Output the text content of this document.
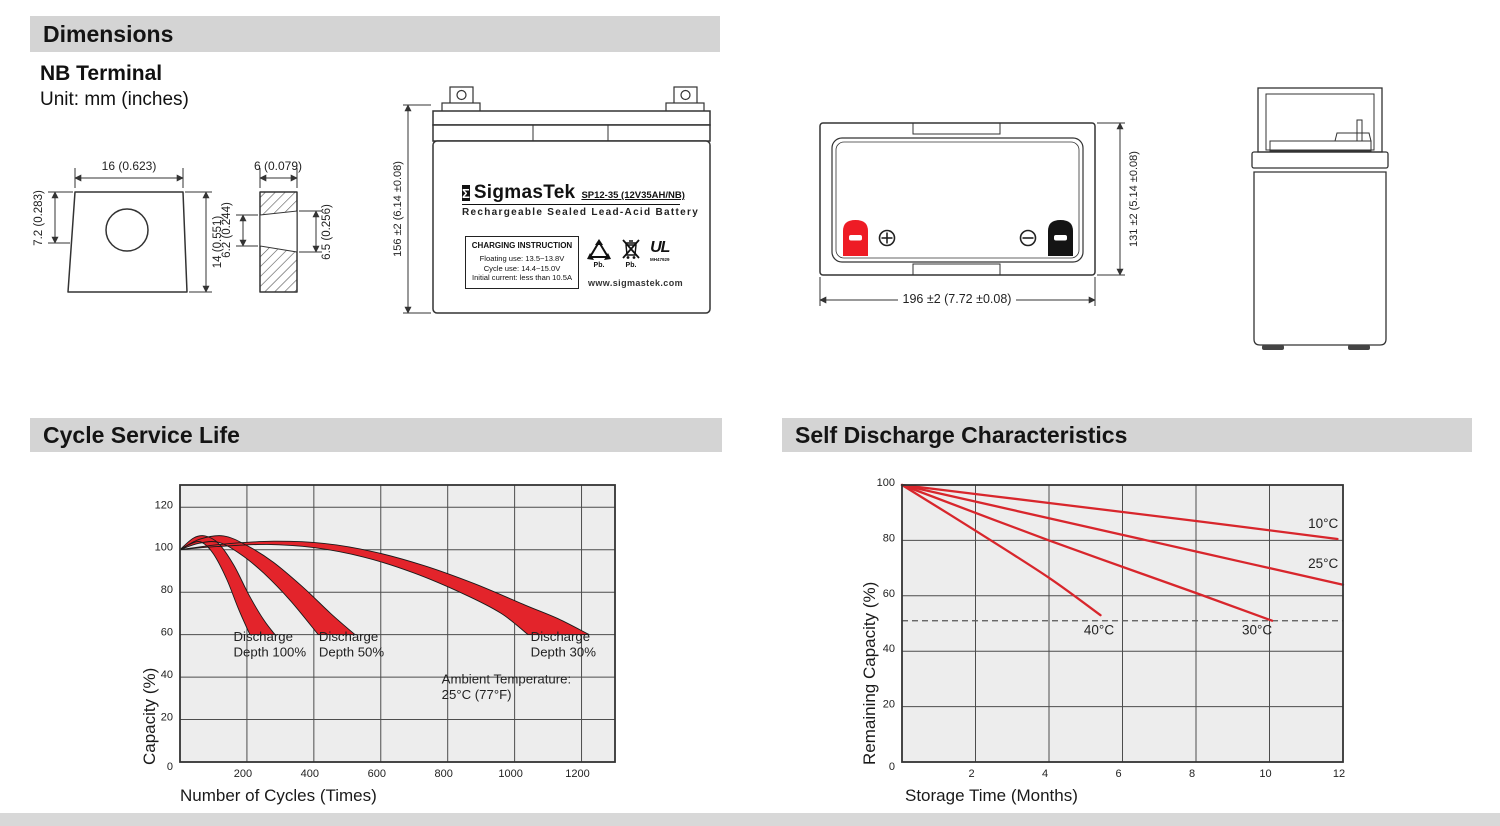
Dimensions
NB Terminal
Unit: mm (inches)
16 (0.623)
7.2 (0.283)	14 (0.551)
6 (0.079)
6.2 (0.244)	6.5 (0.256)	156 ±2 (6.14 ±0.08)	Σ SigmasTek SP12-35 (12V35AH/NB)
Rechargeable Sealed Lead-Acid Battery
CHARGING INSTRUCTION
Floating use: 13.5~13.8V
Cycle use: 14.4~15.0V
Initial current: less than 10.5A
Pb.	Pb.
UL
MH47929
www.sigmastek.com
131 ±2 (5.14 ±0.08)
196 ±2 (7.72 ±0.08)
Cycle Service Life	Self Discharge Characteristics
200	400	600	800	1000	1200
0
20
40
60
80
100
120
Discharge
Depth 100%
Discharge
Depth 50%
Discharge
Depth 30%
Ambient Temperature:
25°C (77°F)
Capacity (%)
Number of Cycles (Times)
10°C
25°C
30°C
40°C
2	4	6	8	10	12
0
20
40
60
80
100
Remaining Capacity (%)
Storage Time (Months)
